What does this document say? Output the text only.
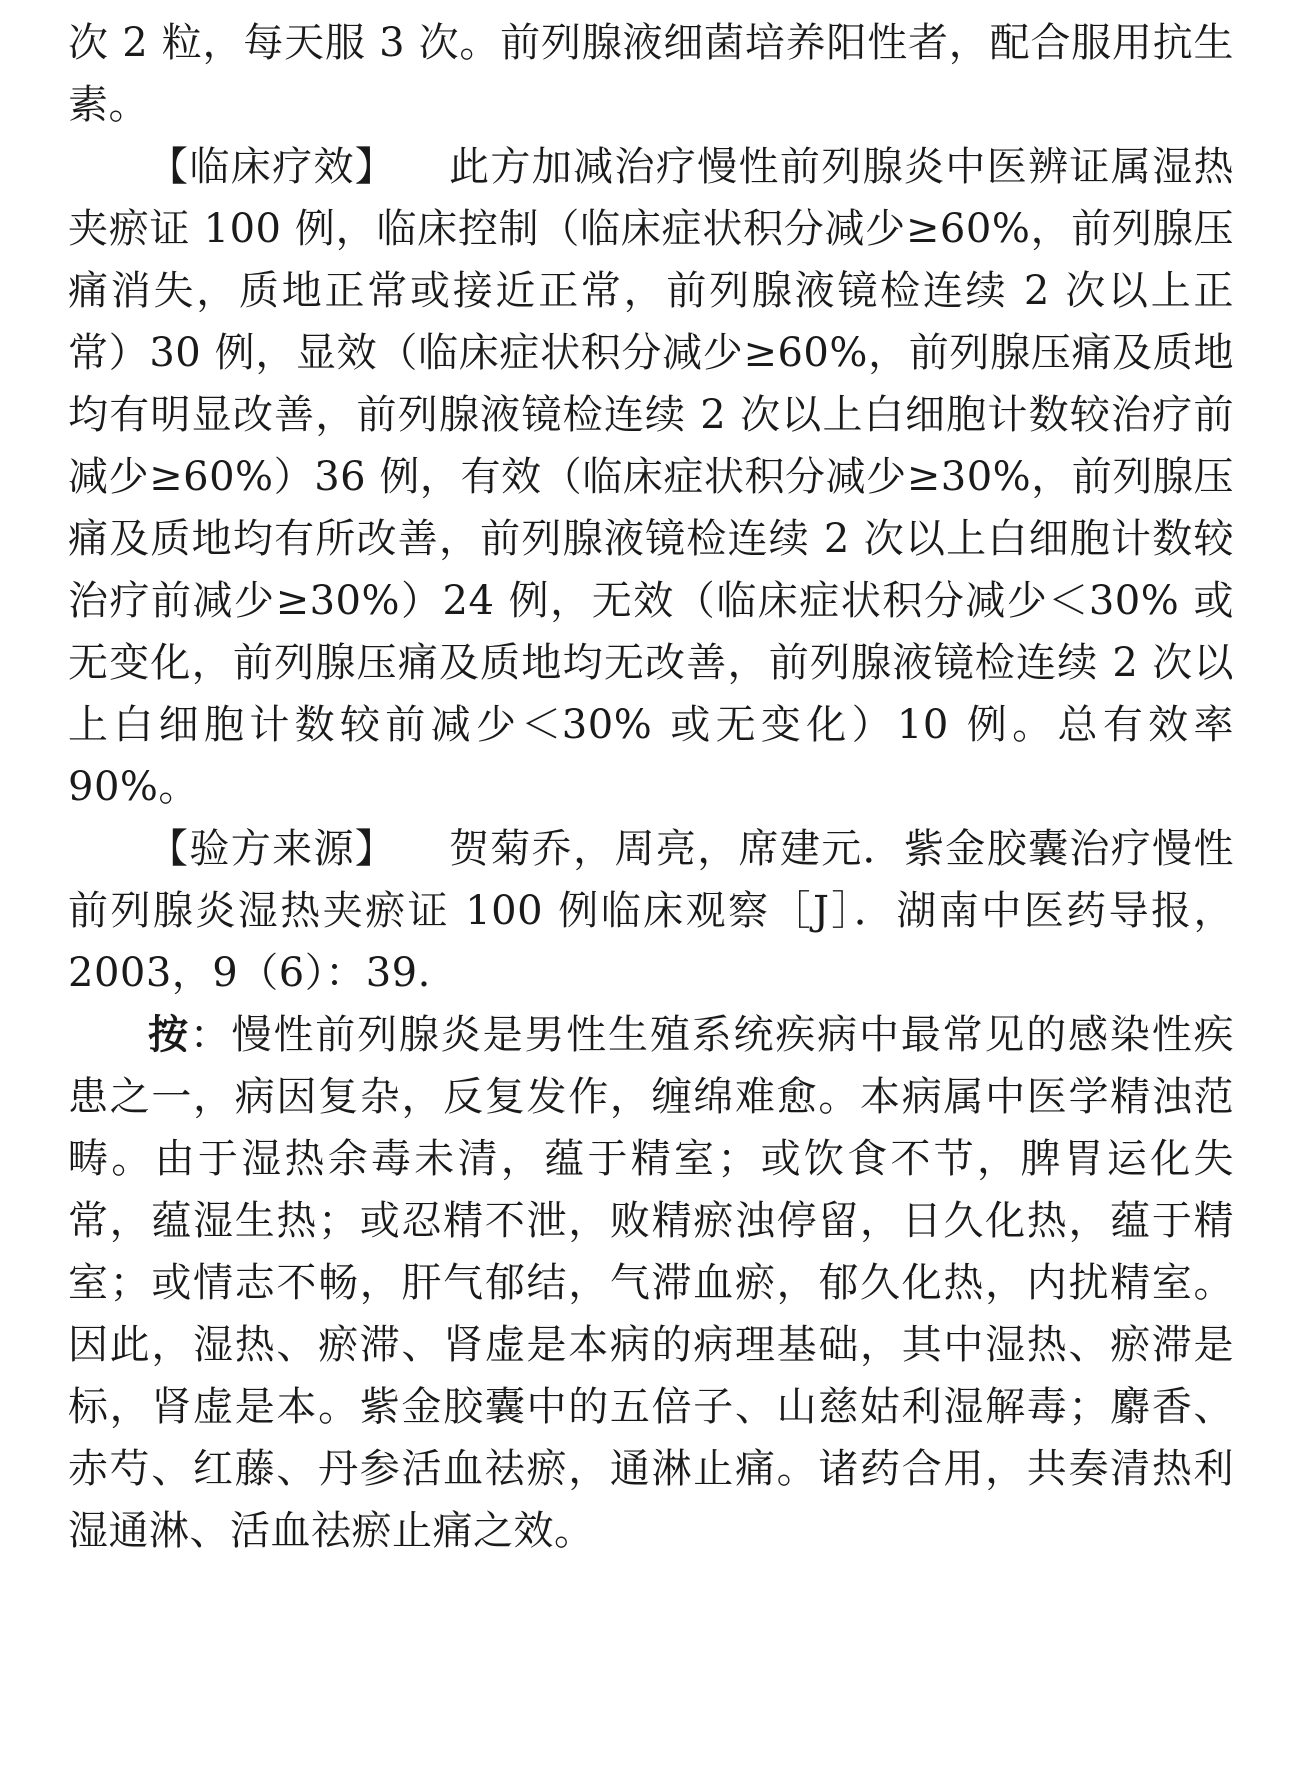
次 2 粒，每天服 3 次。前列腺液细菌培养阳性者，配合服用抗生素。

【临床疗效】 此方加减治疗慢性前列腺炎中医辨证属湿热夹瘀证 100 例，临床控制（临床症状积分减少≥60%，前列腺压痛消失，质地正常或接近正常，前列腺液镜检连续 2 次以上正常）30 例，显效（临床症状积分减少≥60%，前列腺压痛及质地均有明显改善，前列腺液镜检连续 2 次以上白细胞计数较治疗前减少≥60%）36 例，有效（临床症状积分减少≥30%，前列腺压痛及质地均有所改善，前列腺液镜检连续 2 次以上白细胞计数较治疗前减少≥30%）24 例，无效（临床症状积分减少＜30% 或无变化，前列腺压痛及质地均无改善，前列腺液镜检连续 2 次以上白细胞计数较前减少＜30% 或无变化）10 例。总有效率 90%。

【验方来源】 贺菊乔，周亮，席建元．紫金胶囊治疗慢性前列腺炎湿热夹瘀证 100 例临床观察［J］．湖南中医药导报，2003，9（6）：39.

按：慢性前列腺炎是男性生殖系统疾病中最常见的感染性疾患之一，病因复杂，反复发作，缠绵难愈。本病属中医学精浊范畴。由于湿热余毒未清，蕴于精室；或饮食不节，脾胃运化失常，蕴湿生热；或忍精不泄，败精瘀浊停留，日久化热，蕴于精室；或情志不畅，肝气郁结，气滞血瘀，郁久化热，内扰精室。因此，湿热、瘀滞、肾虚是本病的病理基础，其中湿热、瘀滞是标，肾虚是本。紫金胶囊中的五倍子、山慈姑利湿解毒；麝香、赤芍、红藤、丹参活血祛瘀，通淋止痛。诸药合用，共奏清热利湿通淋、活血祛瘀止痛之效。
